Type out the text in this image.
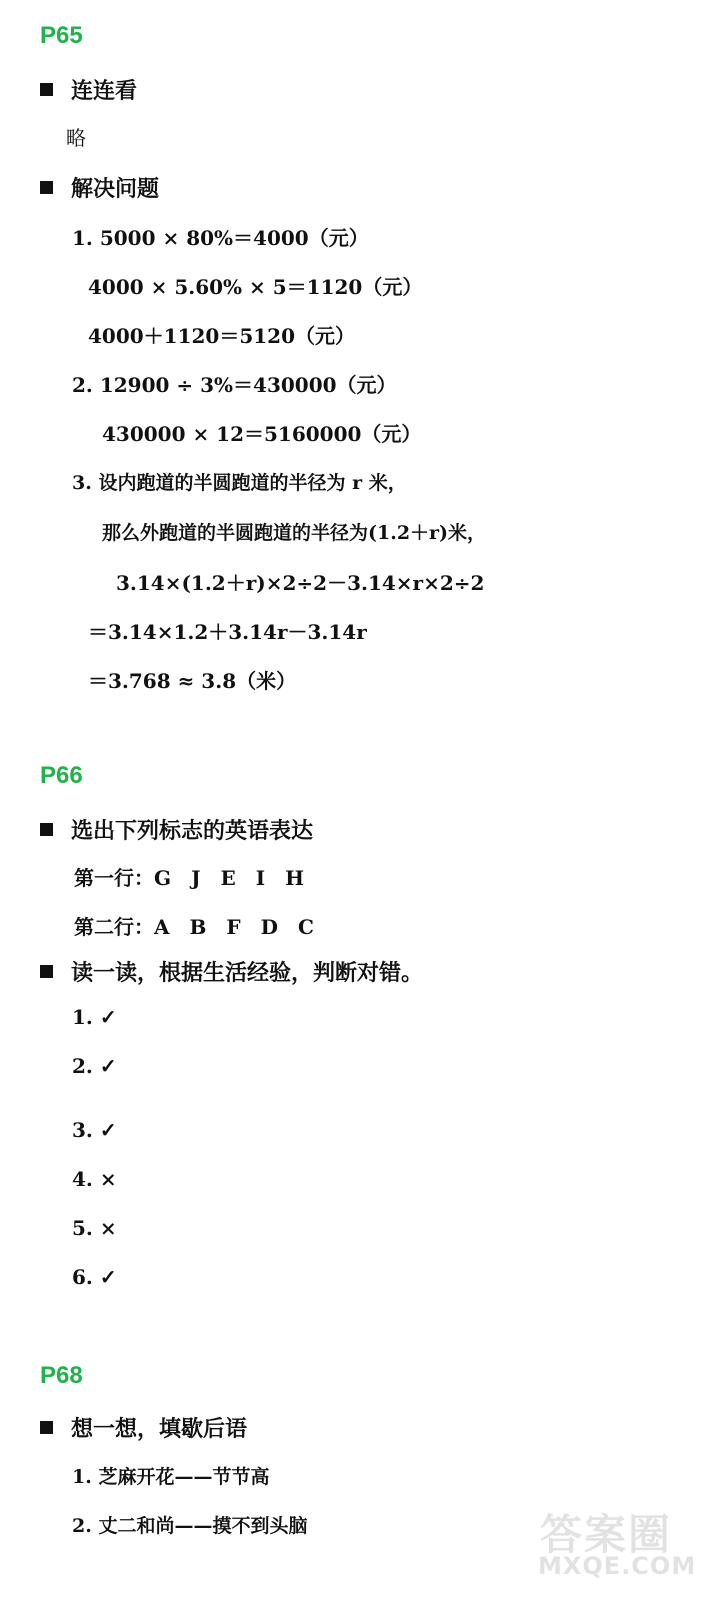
P65
连连看
略
解决问题
1. 5000 × 80%＝4000（元）
4000 × 5.60% × 5＝1120（元）
4000＋1120＝5120（元）
2. 12900 ÷ 3%＝430000（元）
430000 × 12＝5160000（元）
3. 设内跑道的半圆跑道的半径为 r 米，
那么外跑道的半圆跑道的半径为(1.2＋r)米，
3.14×(1.2＋r)×2÷2－3.14×r×2÷2
＝3.14×1.2＋3.14r－3.14r
＝3.768 ≈ 3.8（米）
P66
选出下列标志的英语表达
第一行：G　J　E　I　H
第二行：A　B　F　D　C
读一读，根据生活经验，判断对错。
1. ✓
2. ✓
3. ✓
4. ×
5. ×
6. ✓
P68
想一想，填歇后语
1. 芝麻开花——节节高
2. 丈二和尚——摸不到头脑	答案圈
MXQE.COM
